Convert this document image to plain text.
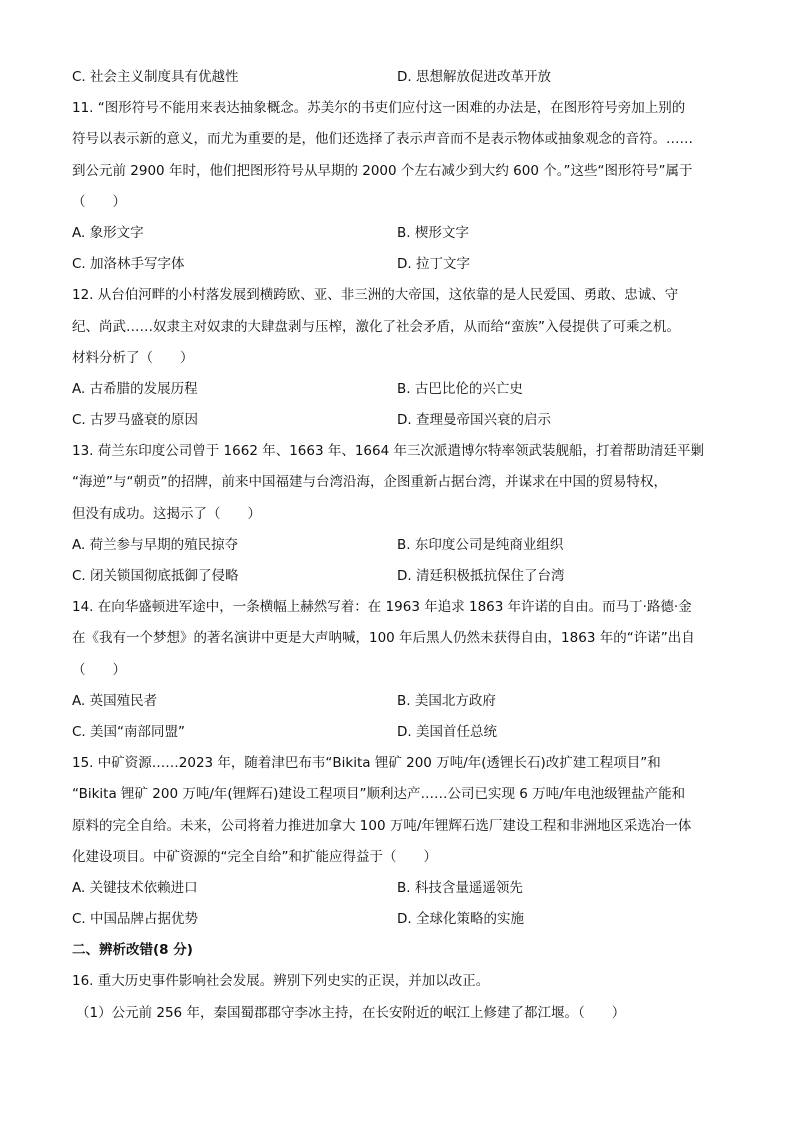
C. 社会主义制度具有优越性	D. 思想解放促进改革开放
11. “图形符号不能用来表达抽象概念。苏美尔的书吏们应付这一困难的办法是，在图形符号旁加上别的
符号以表示新的意义，而尤为重要的是，他们还选择了表示声音而不是表示物体或抽象观念的音符。……
到公元前 2900 年时，他们把图形符号从早期的 2000 个左右减少到大约 600 个。”这些“图形符号”属于
（　　）
A. 象形文字	B. 楔形文字
C. 加洛林手写字体	D. 拉丁文字
12. 从台伯河畔的小村落发展到横跨欧、亚、非三洲的大帝国，这依靠的是人民爱国、勇敢、忠诚、守
纪、尚武……奴隶主对奴隶的大肆盘剥与压榨，激化了社会矛盾，从而给“蛮族”入侵提供了可乘之机。
材料分析了（　　）
A. 古希腊的发展历程	B. 古巴比伦的兴亡史
C. 古罗马盛衰的原因	D. 查理曼帝国兴衰的启示
13. 荷兰东印度公司曾于 1662 年、1663 年、1664 年三次派遣博尔特率领武装舰船，打着帮助清廷平剿
“海逆”与“朝贡”的招牌，前来中国福建与台湾沿海，企图重新占据台湾，并谋求在中国的贸易特权，
但没有成功。这揭示了（　　）
A. 荷兰参与早期的殖民掠夺	B. 东印度公司是纯商业组织
C. 闭关锁国彻底抵御了侵略	D. 清廷积极抵抗保住了台湾
14. 在向华盛顿进军途中，一条横幅上赫然写着：在 1963 年追求 1863 年许诺的自由。而马丁·路德·金
在《我有一个梦想》的著名演讲中更是大声呐喊，100 年后黑人仍然未获得自由，1863 年的“许诺”出自
（　　）
A. 英国殖民者	B. 美国北方政府
C. 美国“南部同盟”	D. 美国首任总统
15. 中矿资源……2023 年，随着津巴布韦“Bikita 锂矿 200 万吨/年(透锂长石)改扩建工程项目”和
“Bikita 锂矿 200 万吨/年(锂辉石)建设工程项目”顺利达产……公司已实现 6 万吨/年电池级锂盐产能和
原料的完全自给。未来，公司将着力推进加拿大 100 万吨/年锂辉石选厂建设工程和非洲地区采选冶一体
化建设项目。中矿资源的“完全自给”和扩能应得益于（　　）
A. 关键技术依赖进口	B. 科技含量遥遥领先
C. 中国品牌占据优势	D. 全球化策略的实施
二、辨析改错(8 分)
16. 重大历史事件影响社会发展。辨别下列史实的正误，并加以改正。
（1）公元前 256 年，秦国蜀郡郡守李冰主持，在长安附近的岷江上修建了都江堰。（　　）
